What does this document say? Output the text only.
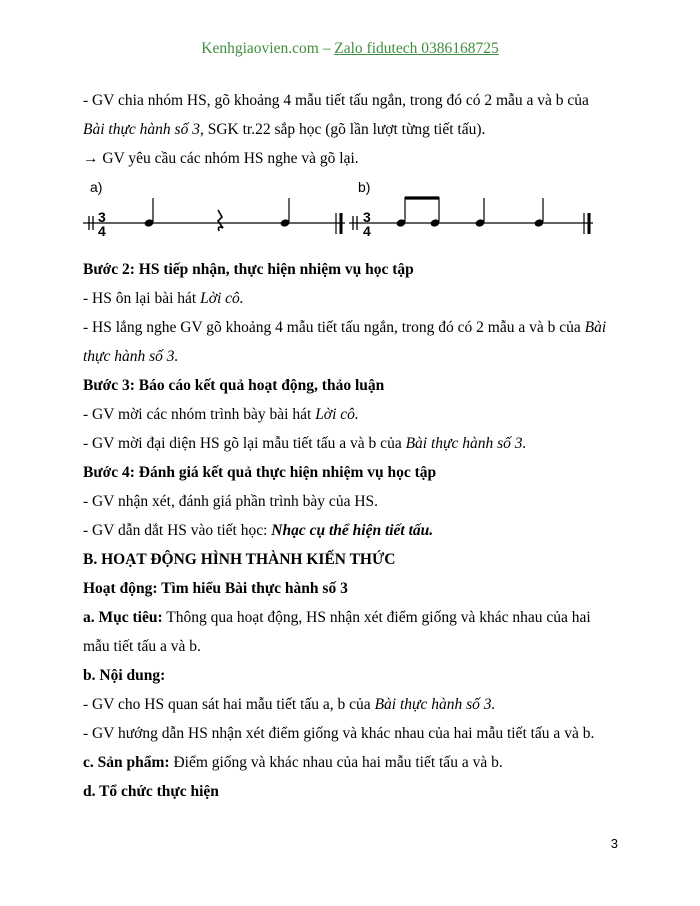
Kenhgiaovien.com – Zalo fidutech 0386168725
- GV chia nhóm HS, gõ khoảng 4 mẫu tiết tấu ngắn, trong đó có 2 mẫu a và b của
Bài thực hành số 3, SGK tr.22 sắp học (gõ lần lượt từng tiết tấu).
→ GV yêu cầu các nhóm HS nghe và gõ lại.
a)	b)
3
4
3
4
Bước 2: HS tiếp nhận, thực hiện nhiệm vụ học tập
- HS ôn lại bài hát Lời cô.
- HS lắng nghe GV gõ khoảng 4 mẫu tiết tấu ngắn, trong đó có 2 mẫu a và b của Bài
thực hành số 3.
Bước 3: Báo cáo kết quả hoạt động, thảo luận
- GV mời các nhóm trình bày bài hát Lời cô.
- GV mời đại diện HS gõ lại mẫu tiết tấu a và b của Bài thực hành số 3.
Bước 4: Đánh giá kết quả thực hiện nhiệm vụ học tập
- GV nhận xét, đánh giá phần trình bày của HS.
- GV dẫn dắt HS vào tiết học: Nhạc cụ thể hiện tiết tấu.
B. HOẠT ĐỘNG HÌNH THÀNH KIẾN THỨC
Hoạt động: Tìm hiểu Bài thực hành số 3
a. Mục tiêu: Thông qua hoạt động, HS nhận xét điểm giống và khác nhau của hai
mẫu tiết tấu a và b.
b. Nội dung:
- GV cho HS quan sát hai mẫu tiết tấu a, b của Bài thực hành số 3.
- GV hướng dẫn HS nhận xét điểm giống và khác nhau của hai mẫu tiết tấu a và b.
c. Sản phẩm: Điểm giống và khác nhau của hai mẫu tiết tấu a và b.
d. Tổ chức thực hiện
3
